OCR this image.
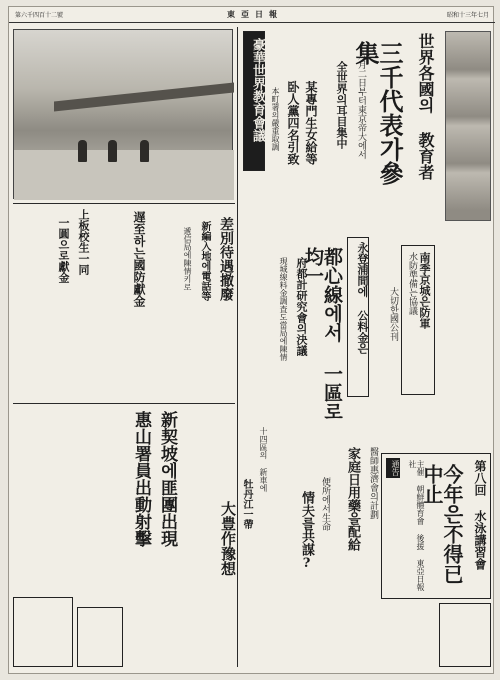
第六千四百十二號	東亞日報	昭和十三年七月
豪華世界教育會議	世界各國의 教育者
三千代表가參集
八月二日부터東京帝大에서
全世界의耳目集中
某專門生女給等
卧人黨四名引致
本町署의嚴重取調
南季京城은防軍
水防準備는協議
大切한國公刊
永登浦間에 公料金은
都心線에서 一區로均一
府都計研究會의決議
現城線料金調査도當局에陳情
十四區의 新車에
差別待遇撤廢
新編入地에電話等
遞信局에陳情키로
遅至하는國防獻金
上板校生一同
一圓으로獻金
新契坡에匪團出現
惠山署員出動射擊	大豊作豫想 牡丹江一帶	情夫를共謀? 便所에서生命	家庭日用藥을配給 醫師惠濟會의計劃	第八回 水泳講習會
今年은不得已中止
主催 朝鮮體育會 後援 東亞日報社
通告
